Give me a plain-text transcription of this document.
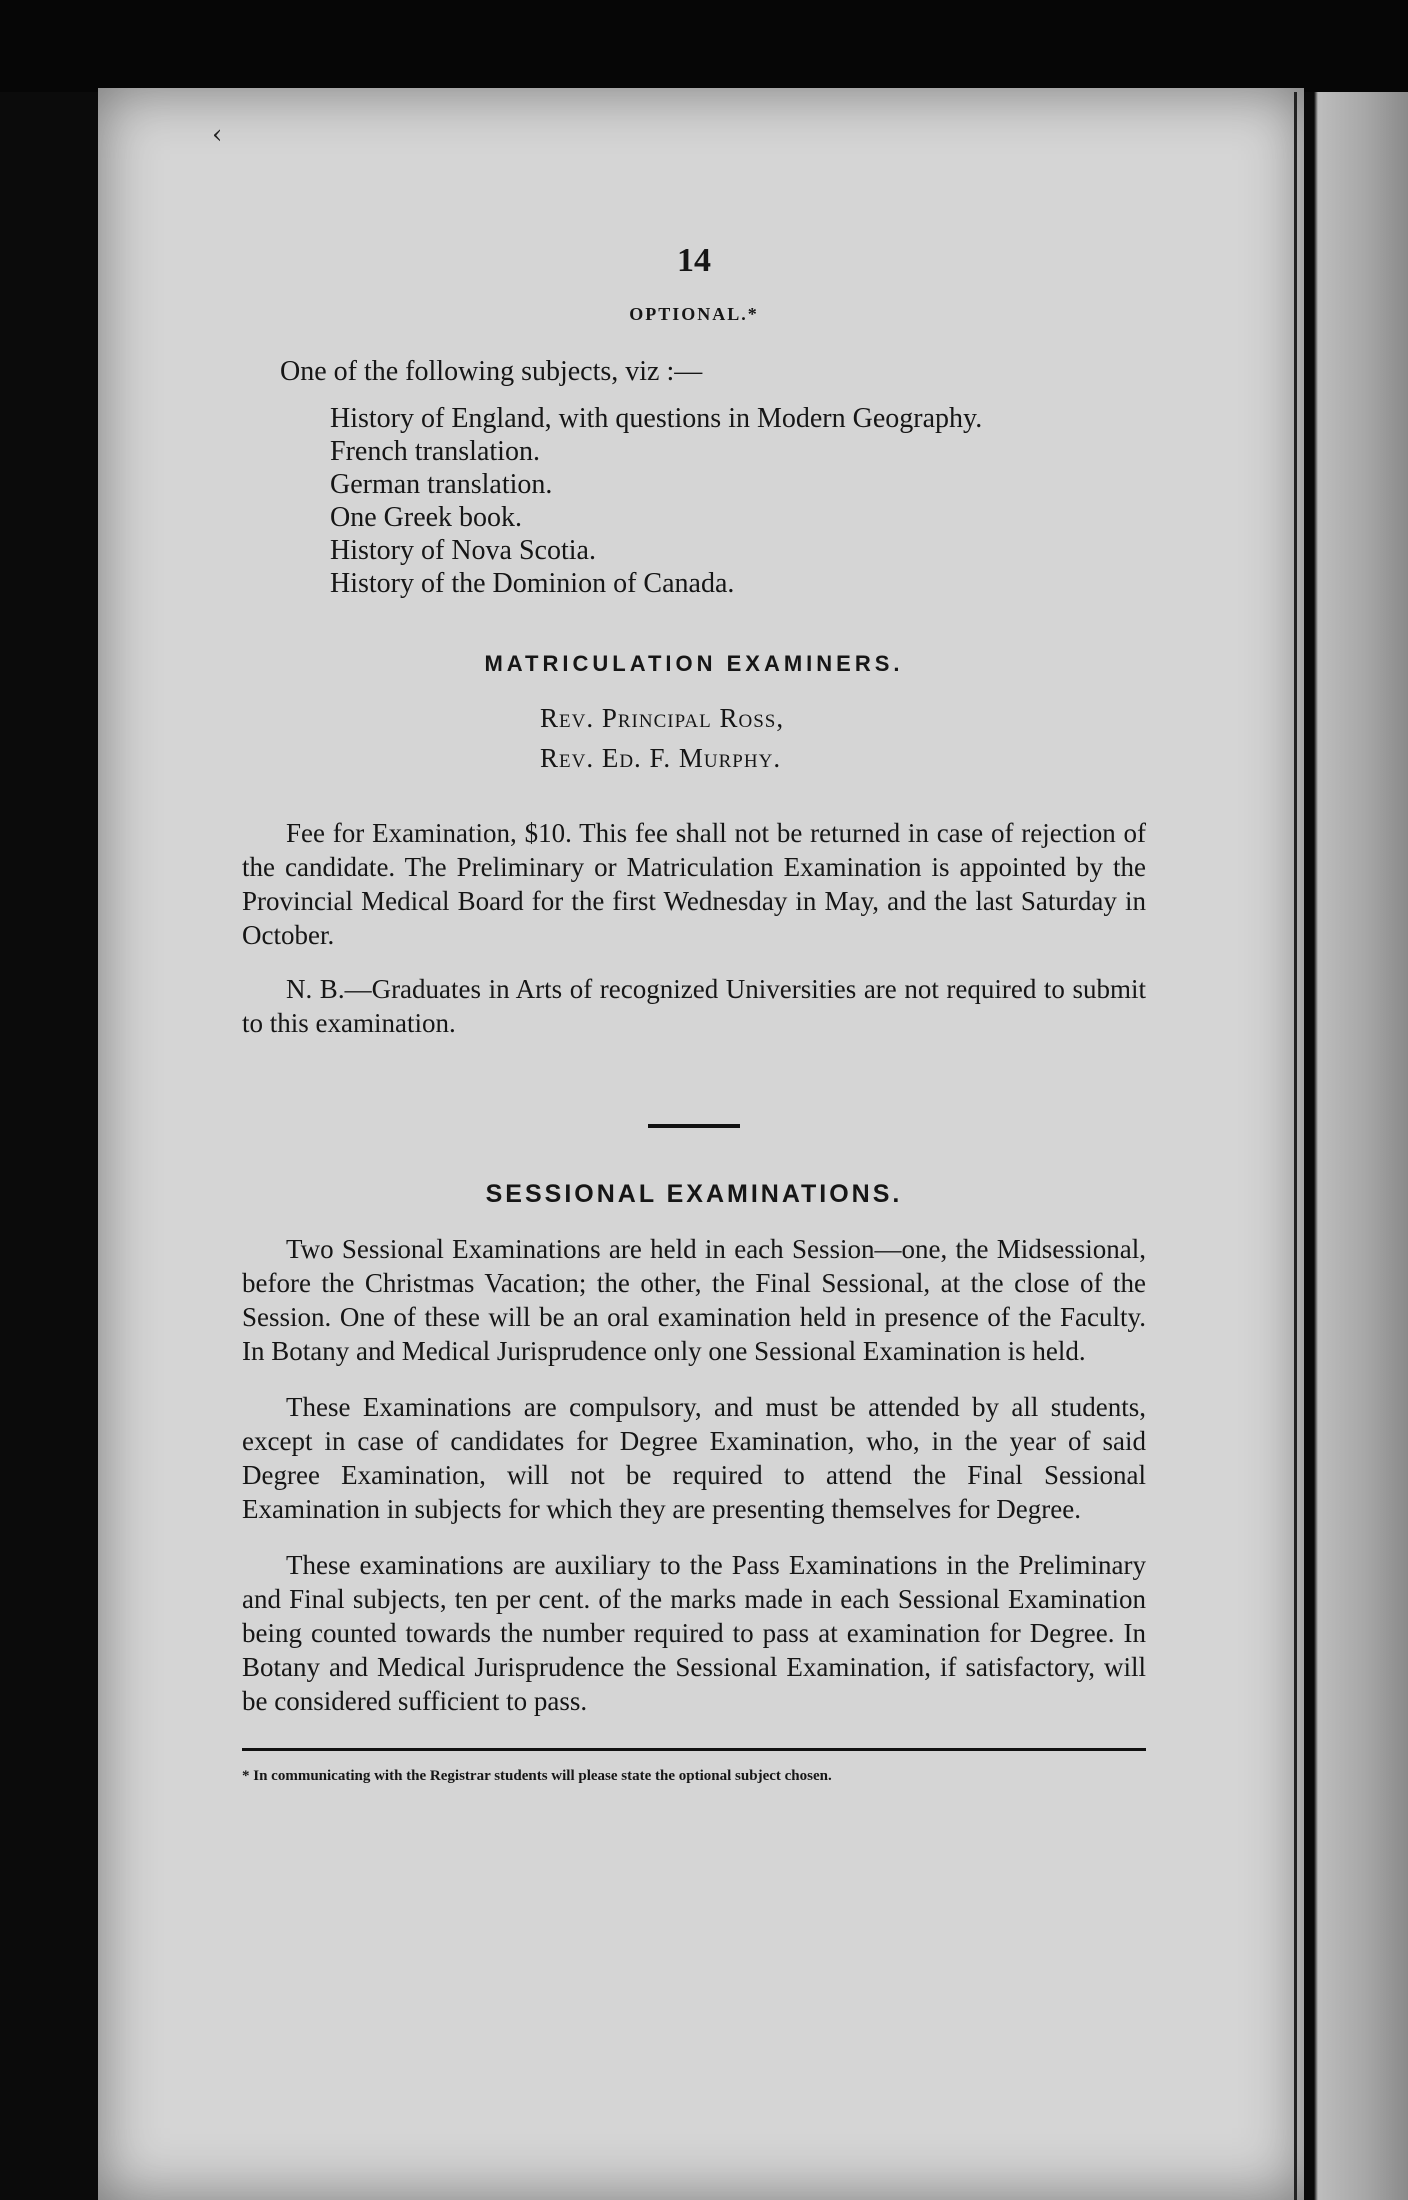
‹

14

OPTIONAL.*

One of the following subjects, viz :—

History of England, with questions in Modern Geography.
French translation.
German translation.
One Greek book.
History of Nova Scotia.
History of the Dominion of Canada.
MATRICULATION EXAMINERS.
Rev. Principal Ross,
Rev. Ed. F. Murphy.

Fee for Examination, $10. This fee shall not be returned in case of rejection of the candidate. The Preliminary or Matriculation Examination is appointed by the Provincial Medical Board for the first Wednesday in May, and the last Saturday in October.

N. B.—Graduates in Arts of recognized Universities are not required to submit to this examination.

SESSIONAL EXAMINATIONS.

Two Sessional Examinations are held in each Session—one, the Midsessional, before the Christmas Vacation; the other, the Final Sessional, at the close of the Session. One of these will be an oral examination held in presence of the Faculty. In Botany and Medical Jurisprudence only one Sessional Examination is held.

These Examinations are compulsory, and must be attended by all students, except in case of candidates for Degree Examination, who, in the year of said Degree Examination, will not be required to attend the Final Sessional Examination in subjects for which they are presenting themselves for Degree.

These examinations are auxiliary to the Pass Examinations in the Preliminary and Final subjects, ten per cent. of the marks made in each Sessional Examination being counted towards the number required to pass at examination for Degree. In Botany and Medical Jurisprudence the Sessional Examination, if satisfactory, will be considered sufficient to pass.

* In communicating with the Registrar students will please state the optional subject chosen.
